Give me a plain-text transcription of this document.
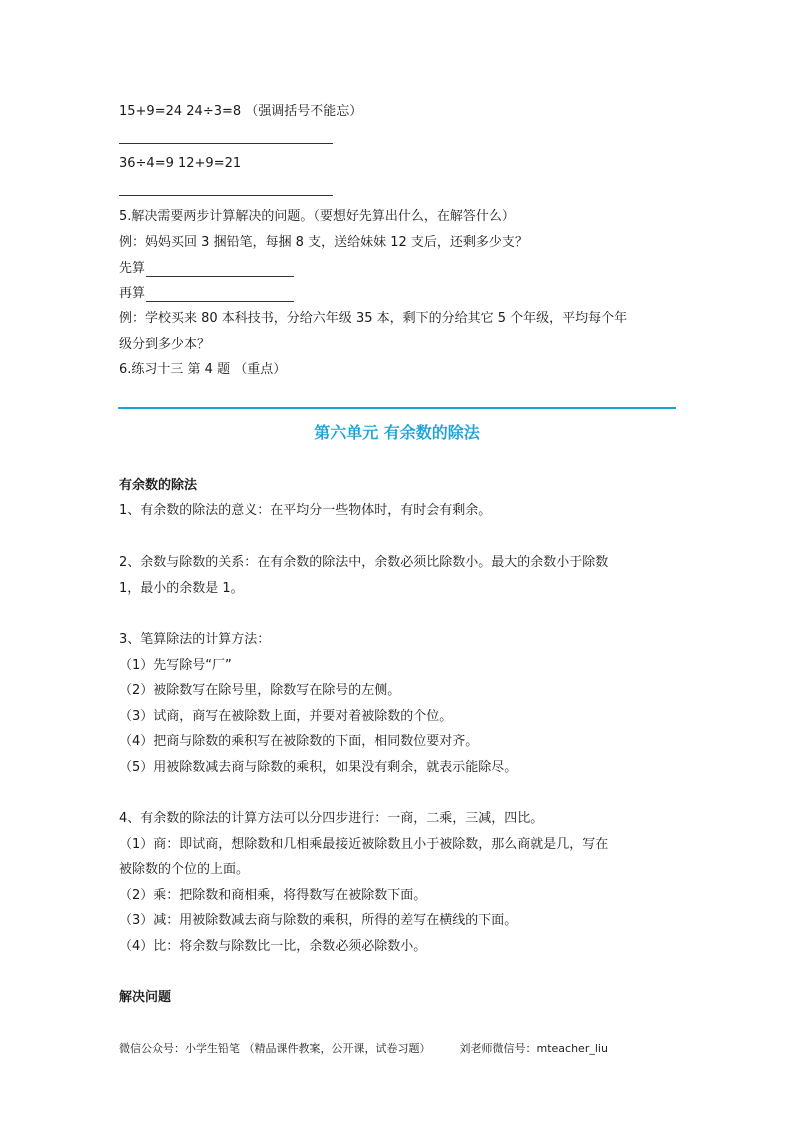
15+9=24 24÷3=8 （强调括号不能忘）
36÷4=9 12+9=21
5.解决需要两步计算解决的问题。（要想好先算出什么，在解答什么）
例：妈妈买回 3 捆铅笔，每捆 8 支，送给妹妹 12 支后，还剩多少支？
先算
再算
例：学校买来 80 本科技书，分给六年级 35 本，剩下的分给其它 5 个年级，平均每个年
级分到多少本？
6.练习十三 第 4 题 （重点）
第六单元 有余数的除法
有余数的除法
1、有余数的除法的意义：在平均分一些物体时，有时会有剩余。
2、余数与除数的关系：在有余数的除法中，余数必须比除数小。最大的余数小于除数
1，最小的余数是 1。
3、笔算除法的计算方法：
（1）先写除号“厂”
（2）被除数写在除号里，除数写在除号的左侧。
（3）试商，商写在被除数上面，并要对着被除数的个位。
（4）把商与除数的乘积写在被除数的下面，相同数位要对齐。
（5）用被除数减去商与除数的乘积，如果没有剩余，就表示能除尽。
4、有余数的除法的计算方法可以分四步进行：一商，二乘，三减，四比。
（1）商：即试商，想除数和几相乘最接近被除数且小于被除数，那么商就是几，写在
被除数的个位的上面。
（2）乘：把除数和商相乘，将得数写在被除数下面。
（3）减：用被除数减去商与除数的乘积，所得的差写在横线的下面。
（4）比：将余数与除数比一比，余数必须必除数小。
解决问题
微信公众号：小学生铅笔 （精品课件教案，公开课，试卷习题）	刘老师微信号：mteacher_liu
